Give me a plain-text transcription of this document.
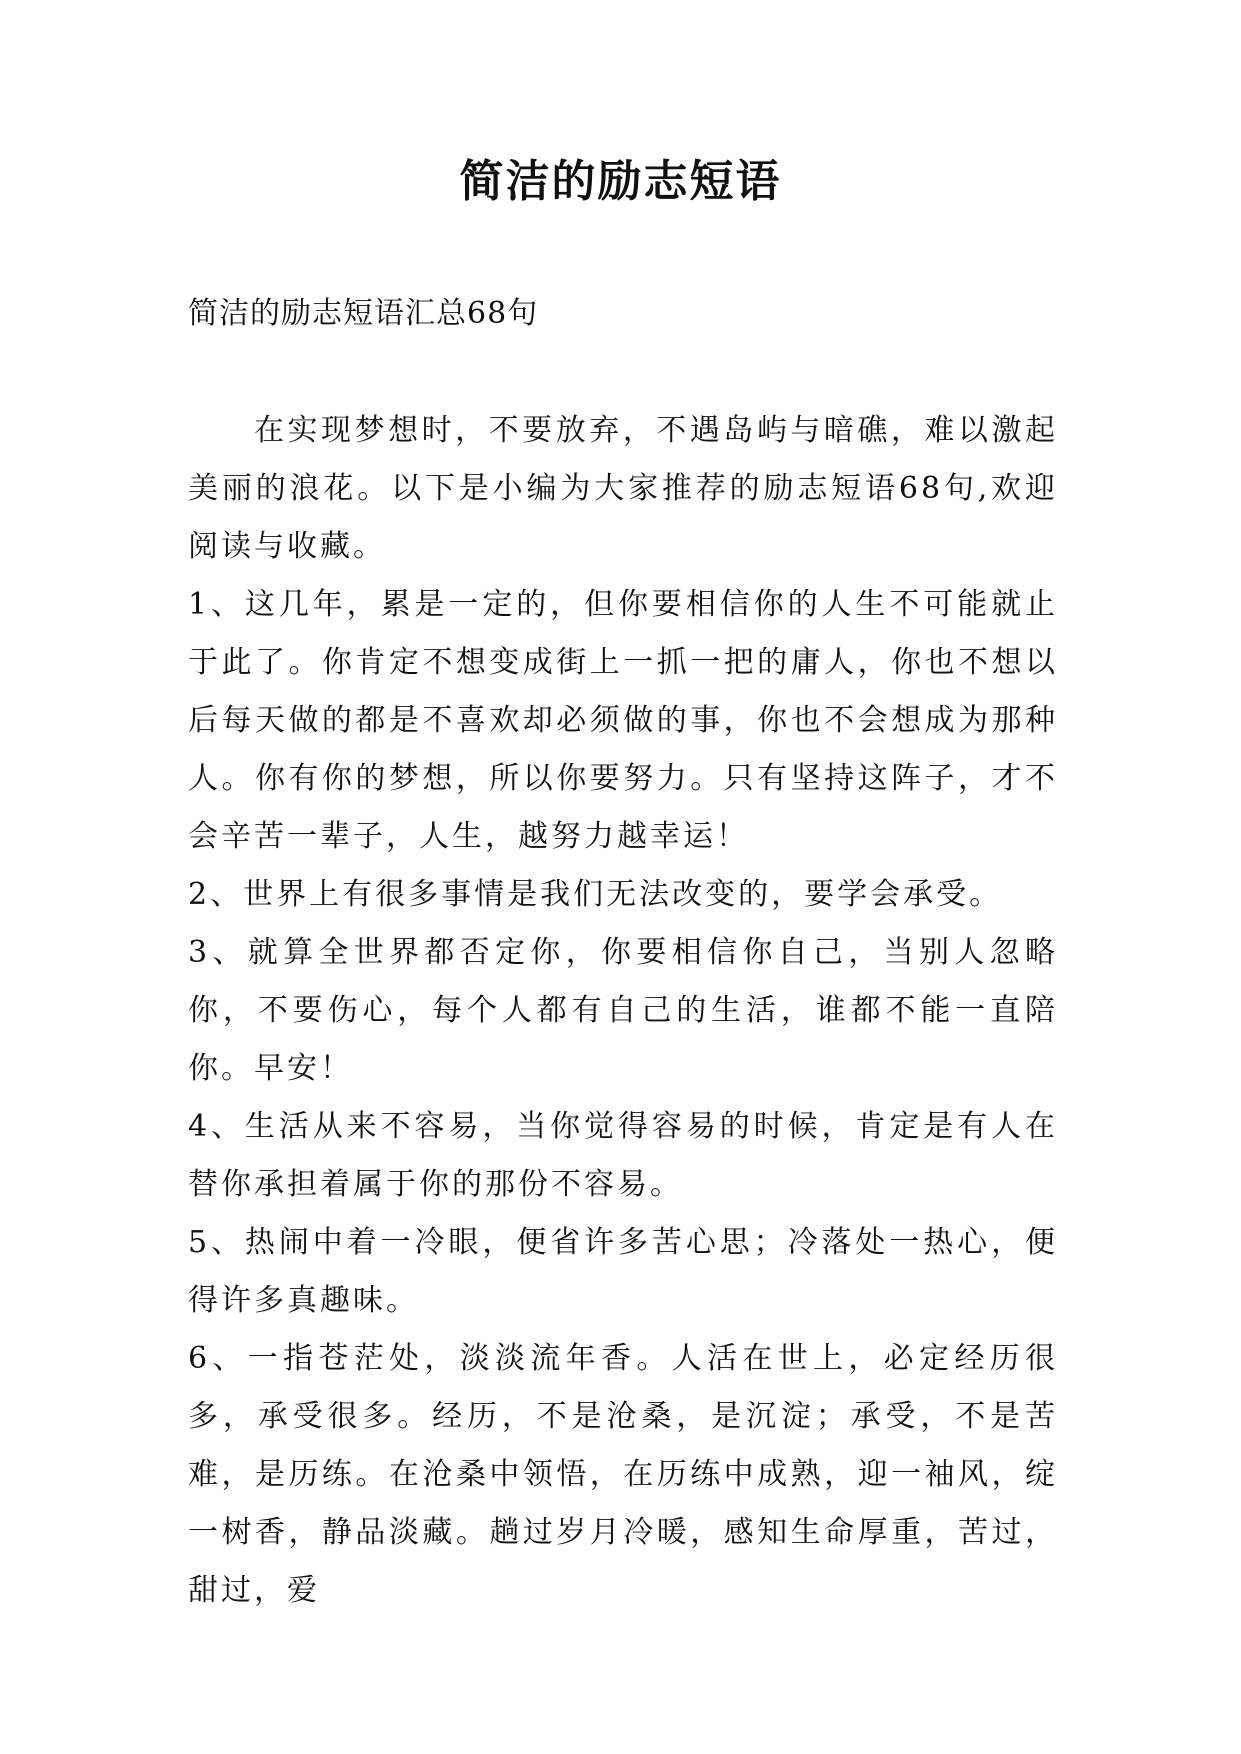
简洁的励志短语
简洁的励志短语汇总68句

在实现梦想时，不要放弃，不遇岛屿与暗礁，难以激起美丽的浪花。以下是小编为大家推荐的励志短语68句,欢迎阅读与收藏。

1、这几年，累是一定的，但你要相信你的人生不可能就止于此了。你肯定不想变成街上一抓一把的庸人，你也不想以后每天做的都是不喜欢却必须做的事，你也不会想成为那种人。你有你的梦想，所以你要努力。只有坚持这阵子，才不会辛苦一辈子，人生，越努力越幸运！

2、世界上有很多事情是我们无法改变的，要学会承受。

3、就算全世界都否定你，你要相信你自己，当别人忽略你，不要伤心，每个人都有自己的生活，谁都不能一直陪你。早安！

4、生活从来不容易，当你觉得容易的时候，肯定是有人在替你承担着属于你的那份不容易。

5、热闹中着一冷眼，便省许多苦心思；冷落处一热心，便得许多真趣味。

6、一指苍茫处，淡淡流年香。人活在世上，必定经历很多，承受很多。经历，不是沧桑，是沉淀；承受，不是苦难，是历练。在沧桑中领悟，在历练中成熟，迎一袖风，绽一树香，静品淡藏。趟过岁月冷暖，感知生命厚重，苦过，甜过，爱
